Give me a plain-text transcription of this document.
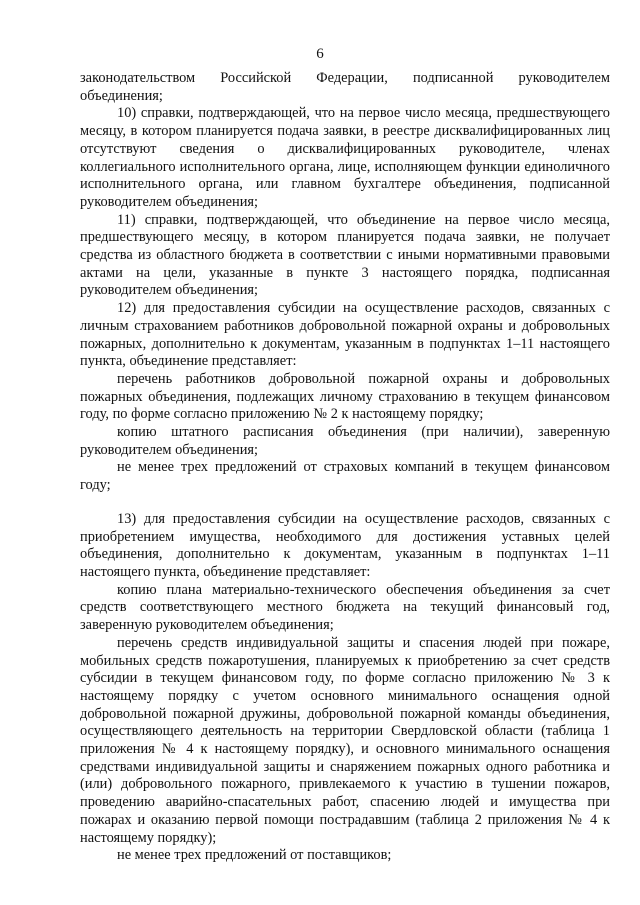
6

законодательством Российской Федерации, подписанной руководителем объединения;

10) справки, подтверждающей, что на первое число месяца, предшествующего месяцу, в котором планируется подача заявки, в реестре дисквалифицированных лиц отсутствуют сведения о дисквалифицированных руководителе, членах коллегиального исполнительного органа, лице, исполняющем функции единоличного исполнительного органа, или главном бухгалтере объединения, подписанной руководителем объединения;

11) справки, подтверждающей, что объединение на первое число месяца, предшествующего месяцу, в котором планируется подача заявки, не получает средства из областного бюджета в соответствии с иными нормативными правовыми актами на цели, указанные в пункте 3 настоящего порядка, подписанная руководителем объединения;

12) для предоставления субсидии на осуществление расходов, связанных с личным страхованием работников добровольной пожарной охраны и добровольных пожарных, дополнительно к документам, указанным в подпунктах 1–11 настоящего пункта, объединение представляет:

перечень работников добровольной пожарной охраны и добровольных пожарных объединения, подлежащих личному страхованию в текущем финансовом году, по форме согласно приложению № 2 к настоящему порядку;

копию штатного расписания объединения (при наличии), заверенную руководителем объединения;

не менее трех предложений от страховых компаний в текущем финансовом году;

13) для предоставления субсидии на осуществление расходов, связанных с приобретением имущества, необходимого для достижения уставных целей объединения, дополнительно к документам, указанным в подпунктах 1–11 настоящего пункта, объединение представляет:

копию плана материально-технического обеспечения объединения за счет средств соответствующего местного бюджета на текущий финансовый год, заверенную руководителем объединения;

перечень средств индивидуальной защиты и спасения людей при пожаре, мобильных средств пожаротушения, планируемых к приобретению за счет средств субсидии в текущем финансовом году, по форме согласно приложению № 3 к настоящему порядку с учетом основного минимального оснащения одной добровольной пожарной дружины, добровольной пожарной команды объединения, осуществляющего деятельность на территории Свердловской области (таблица 1 приложения № 4 к настоящему порядку), и основного минимального оснащения средствами индивидуальной защиты и снаряжением пожарных одного работника и (или) добровольного пожарного, привлекаемого к участию в тушении пожаров, проведению аварийно-спасательных работ, спасению людей и имущества при пожарах и оказанию первой помощи пострадавшим (таблица 2 приложения № 4 к настоящему порядку);

не менее трех предложений от поставщиков;
